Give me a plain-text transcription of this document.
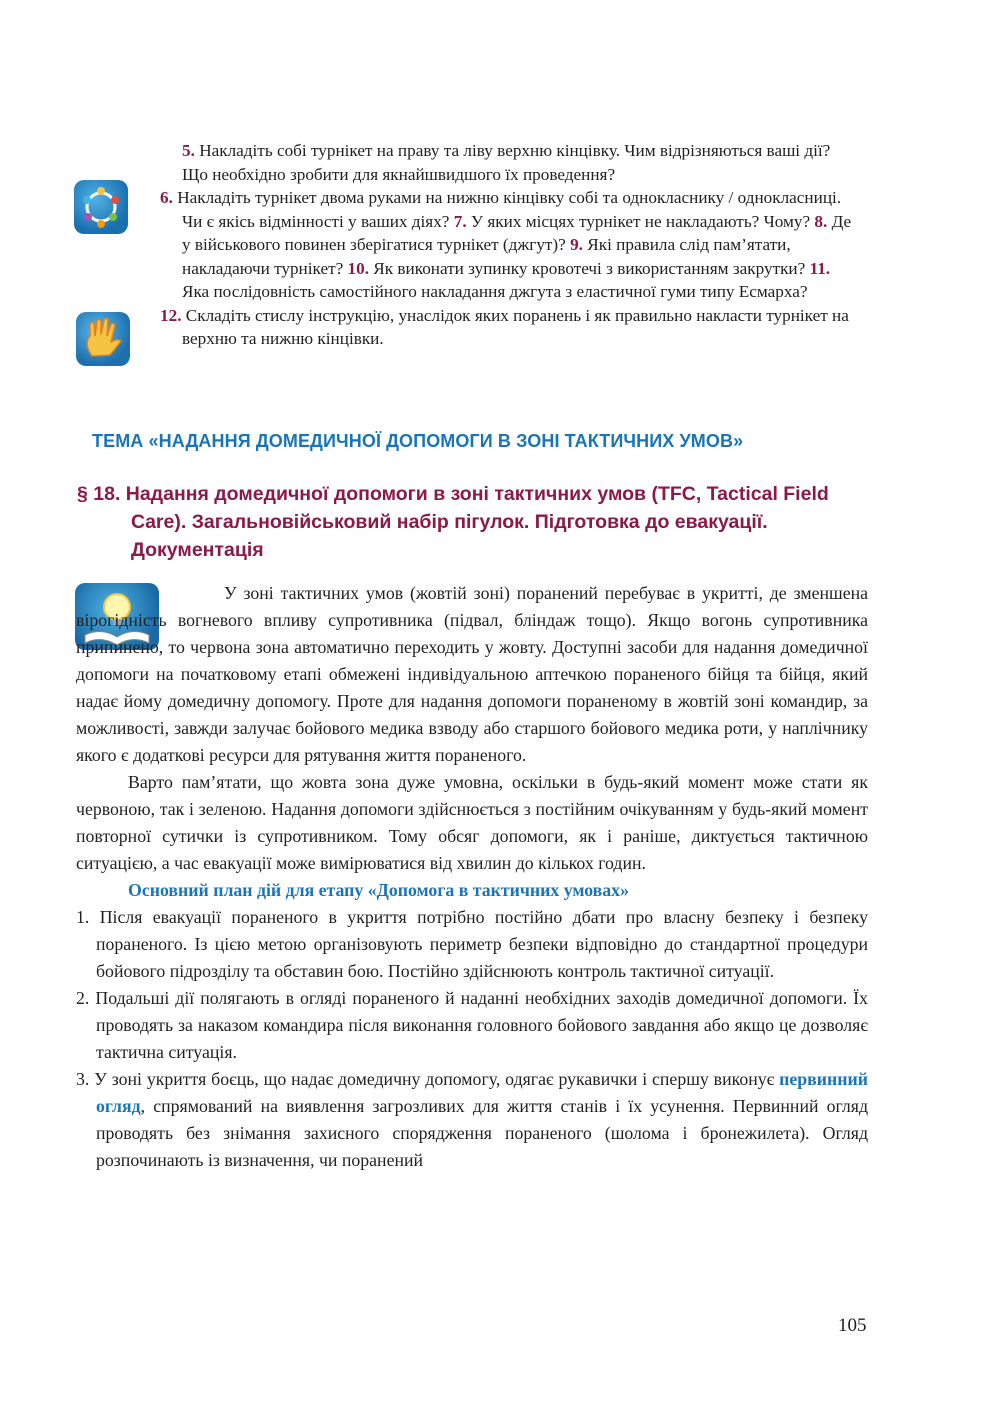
5. Накладіть собі турнікет на праву та ліву верхню кінцівку. Чим відрізняються ваші дії? Що необхідно зробити для якнайшвидшого їх проведення?

6. Накладіть турнікет двома руками на нижню кінцівку собі та однокласнику / однокласниці. Чи є якісь відмінності у ваших діях? 7. У яких місцях турнікет не накладають? Чому? 8. Де у військового повинен зберігатися турнікет (джгут)? 9. Які правила слід пам’ятати, накладаючи турнікет? 10. Як виконати зупинку кровотечі з використанням закрутки? 11. Яка послідовність самостійного накладання джгута з еластичної гуми типу Есмарха?

12. Складіть стислу інструкцію, унаслідок яких поранень і як правильно накласти турнікет на верхню та нижню кінцівки.

ТЕМА «НАДАННЯ ДОМЕДИЧНОЇ ДОПОМОГИ В ЗОНІ ТАКТИЧНИХ УМОВ»

§ 18. Надання домедичної допомоги в зоні тактичних умов (TFC, Tactical Field Care). Загальновійськовий набір пігулок. Підготовка до евакуації. Документація

У зоні тактичних умов (жовтій зоні) поранений перебуває в укритті, де зменшена вірогідність вогневого впливу супротивника (підвал, бліндаж тощо). Якщо вогонь супротивника припинено, то червона зона автоматично переходить у жовту. Доступні засоби для надання домедичної допомоги на початковому етапі обмежені індивідуальною аптечкою пораненого бійця та бійця, який надає йому домедичну допомогу. Проте для надання допомоги пораненому в жовтій зоні командир, за можливості, завжди залучає бойового медика взводу або старшого бойового медика роти, у наплічнику якого є додаткові ресурси для рятування життя пораненого.

Варто пам’ятати, що жовта зона дуже умовна, оскільки в будь-який момент може стати як червоною, так і зеленою. Надання допомоги здійснюється з постійним очікуванням у будь-який момент повторної сутички із супротивником. Тому обсяг допомоги, як і раніше, диктується тактичною ситуацією, а час евакуації може вимірюватися від хвилин до кількох годин.

Основний план дій для етапу «Допомога в тактичних умовах»

1. Після евакуації пораненого в укриття потрібно постійно дбати про власну безпеку і безпеку пораненого. Із цією метою організовують периметр безпеки відповідно до стандартної процедури бойового підрозділу та обставин бою. Постійно здійснюють контроль тактичної ситуації.

2. Подальші дії полягають в огляді пораненого й наданні необхідних заходів домедичної допомоги. Їх проводять за наказом командира після виконання головного бойового завдання або якщо це дозволяє тактична ситуація.

3. У зоні укриття боєць, що надає домедичну допомогу, одягає рукавички і спершу виконує первинний огляд, спрямований на виявлення загрозливих для життя станів і їх усунення. Первинний огляд проводять без знімання захисного спорядження пораненого (шолома і бронежилета). Огляд розпочинають із визначення, чи поранений

105
